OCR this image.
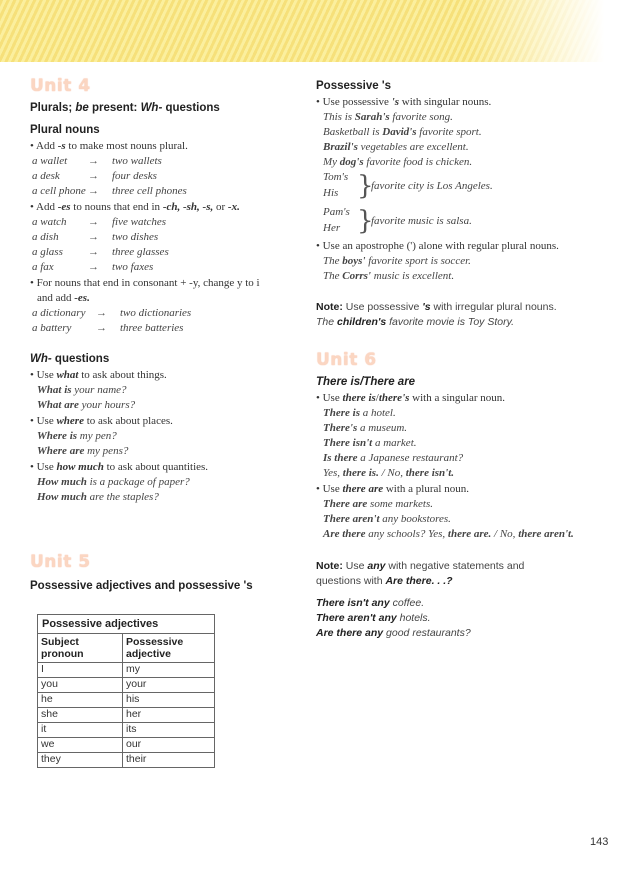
Unit 4
Plurals; be present: Wh- questions
Plural nouns
• Add -s to make most nouns plural.
a wallet → two wallets
a desk	→ four desks
a cell phone → three cell phones
• Add -es to nouns that end in -ch, -sh, -s, or -x.
a watch → five watches
a dish	→ two dishes
a glass → three glasses
a fax	→ two faxes
• For nouns that end in consonant + -y, change y to i
and add -es.
a dictionary → two dictionaries
a battery → three batteries
Wh- questions
• Use what to ask about things.
What is your name?
What are your hours?
• Use where to ask about places.
Where is my pen?
Where are my pens?
• Use how much to ask about quantities.
How much is a package of paper?
How much are the staples?
Unit 5
Possessive adjectives and possessive 's
Possessive adjectives	
Subject
pronoun	Possessive
adjective
I	my
you	your
he	his
she	her
it	its
we	our
they	their
Possessive 's
• Use possessive 's with singular nouns.
This is Sarah's favorite song.
Basketball is David's favorite sport.
Brazil's vegetables are excellent.
My dog's favorite food is chicken.
Tom's
His }
favorite city is Los Angeles.
Pam's
Her }
favorite music is salsa.
• Use an apostrophe (') alone with regular plural nouns.
The boys' favorite sport is soccer.
The Corrs' music is excellent.
Note: Use possessive 's with irregular plural nouns.
The children's favorite movie is Toy Story.
Unit 6
There is/There are
• Use there is/there's with a singular noun.
There is a hotel.
There's a museum.
There isn't a market.
Is there a Japanese restaurant?
Yes, there is. / No, there isn't.
• Use there are with a plural noun.
There are some markets.
There aren't any bookstores.
Are there any schools? Yes, there are. / No, there aren't.
Note: Use any with negative statements and
questions with Are there. . .?
There isn't any coffee.
There aren't any hotels.
Are there any good restaurants?
143
